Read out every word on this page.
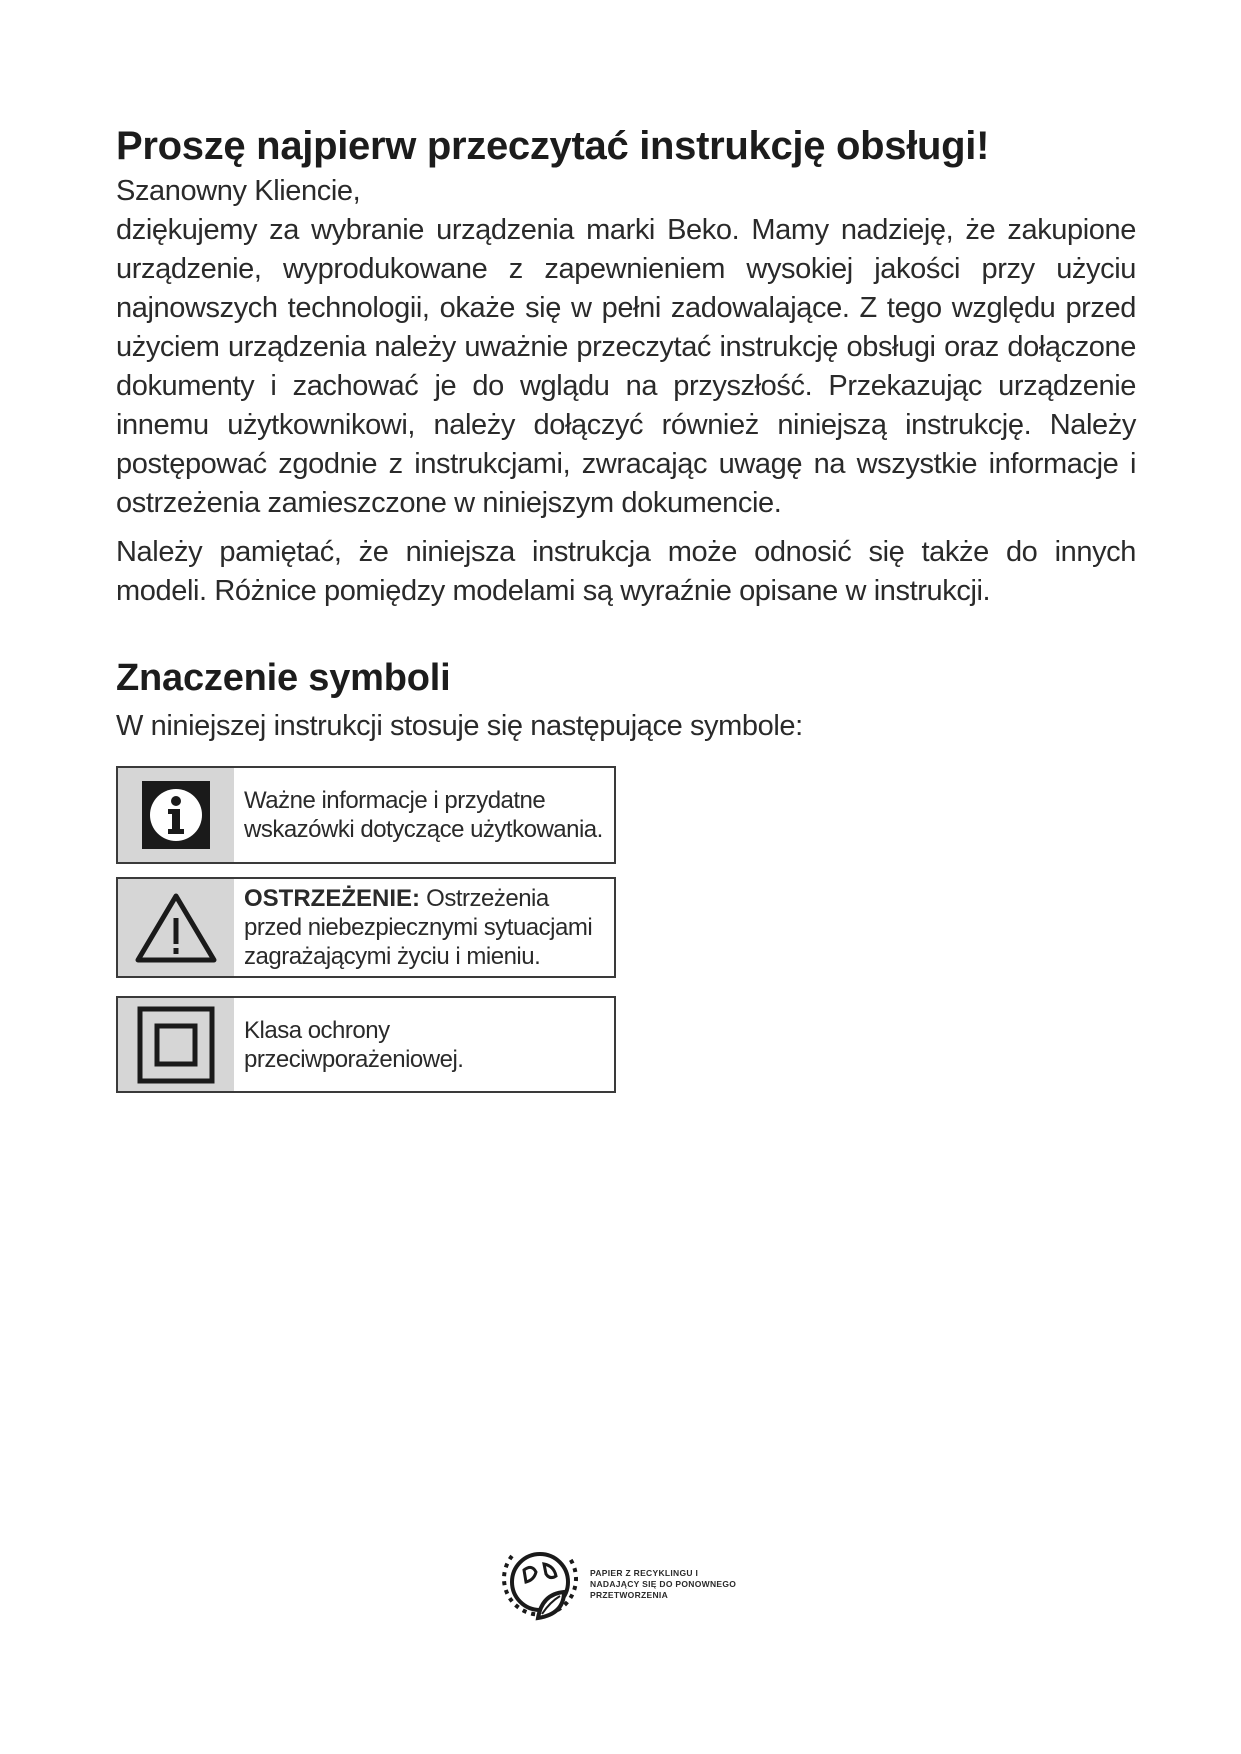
Proszę najpierw przeczytać instrukcję obsługi!

Szanowny Kliencie,

dziękujemy za wybranie urządzenia marki Beko. Mamy nadzieję, że zakupione urządzenie, wyprodukowane z zapewnieniem wysokiej jakości przy użyciu najnowszych technologii, okaże się w pełni zadowalające. Z tego względu przed użyciem urządzenia należy uważnie przeczytać instrukcję obsługi oraz dołączone dokumenty i zachować je do wglądu na przyszłość. Przekazując urządzenie innemu użytkownikowi, należy dołączyć również niniejszą instrukcję. Należy postępować zgodnie z instrukcjami, zwracając uwagę na wszystkie informacje i ostrzeżenia zamieszczone w niniejszym dokumencie.

Należy pamiętać, że niniejsza instrukcja może odnosić się także do innych modeli. Różnice pomiędzy modelami są wyraźnie opisane w instrukcji.

Znaczenie symboli

W niniejszej instrukcji stosuje się następujące symbole:

Ważne informacje i przydatne wskazówki dotyczące użytkowania.
OSTRZEŻENIE: Ostrzeżenia przed niebezpiecznymi sytuacjami zagrażającymi życiu i mieniu.
Klasa ochrony przeciwporażeniowej.
PAPIER Z RECYKLINGU I
NADAJĄCY SIĘ DO PONOWNEGO
PRZETWORZENIA
